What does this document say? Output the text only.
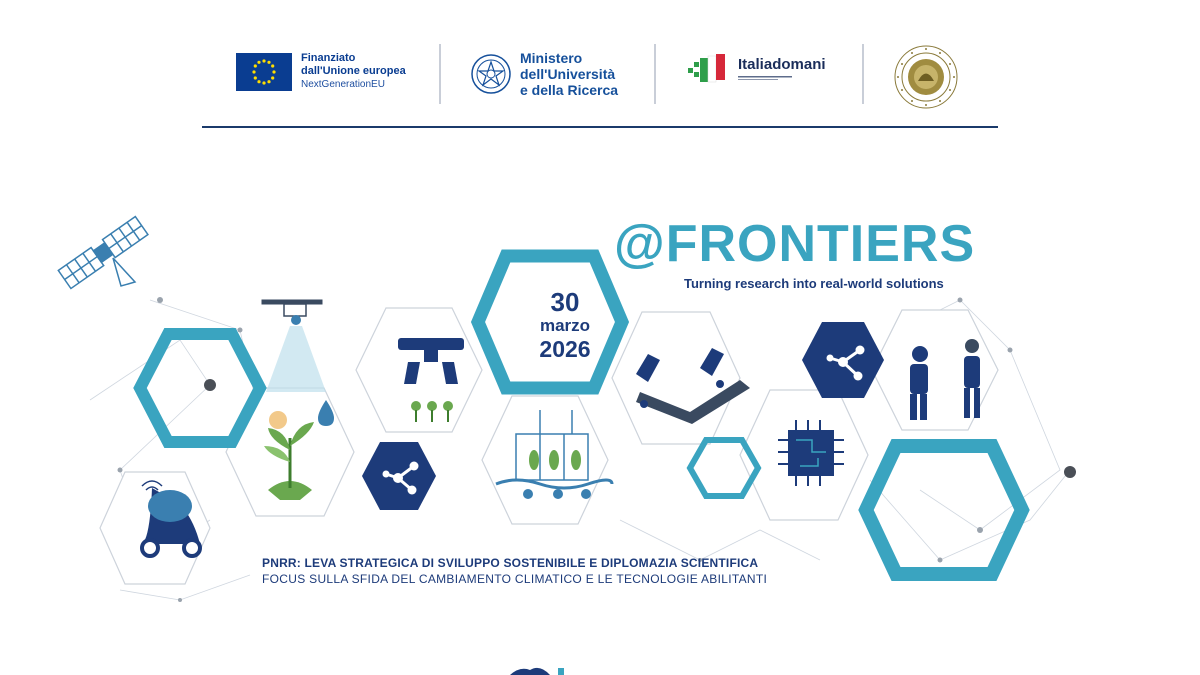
Finanziato
dall'Unione europea
NextGenerationEU
Ministero
dell'Università
e della Ricerca
Italiadomani
@FRONTIERS
Turning research into real-world solutions
30
marzo
2026
PNRR: LEVA STRATEGICA DI SVILUPPO SOSTENIBILE E DIPLOMAZIA SCIENTIFICA
FOCUS SULLA SFIDA DEL CAMBIAMENTO CLIMATICO E LE TECNOLOGIE ABILITANTI
